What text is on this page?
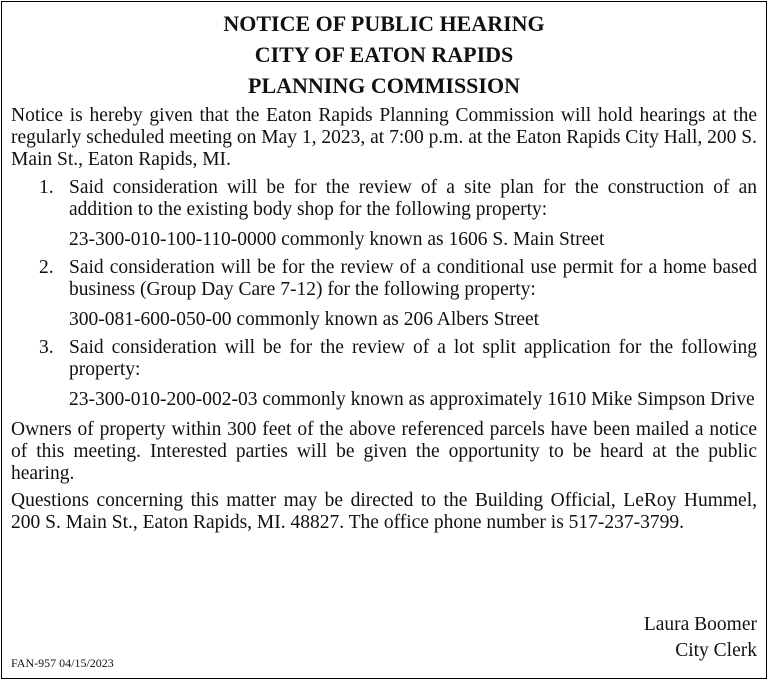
NOTICE OF PUBLIC HEARING
CITY OF EATON RAPIDS
PLANNING COMMISSION

Notice is hereby given that the Eaton Rapids Planning Commission will hold hearings at the regularly scheduled meeting on May 1, 2023, at 7:00 p.m. at the Eaton Rapids City Hall, 200 S. Main St., Eaton Rapids, MI.

1. Said consideration will be for the review of a site plan for the construction of an addition to the existing body shop for the following property:
23-300-010-100-110-0000 commonly known as 1606 S. Main Street
2. Said consideration will be for the review of a conditional use permit for a home based business (Group Day Care 7-12) for the following property:
300-081-600-050-00 commonly known as 206 Albers Street
3. Said consideration will be for the review of a lot split application for the following property:
23-300-010-200-002-03 commonly known as approximately 1610 Mike Simpson Drive

Owners of property within 300 feet of the above referenced parcels have been mailed a notice of this meeting. Interested parties will be given the opportunity to be heard at the public hearing.

Questions concerning this matter may be directed to the Building Official, LeRoy Hummel, 200 S. Main St., Eaton Rapids, MI. 48827. The office phone number is 517-237-3799.

Laura Boomer
City Clerk
FAN-957 04/15/2023
